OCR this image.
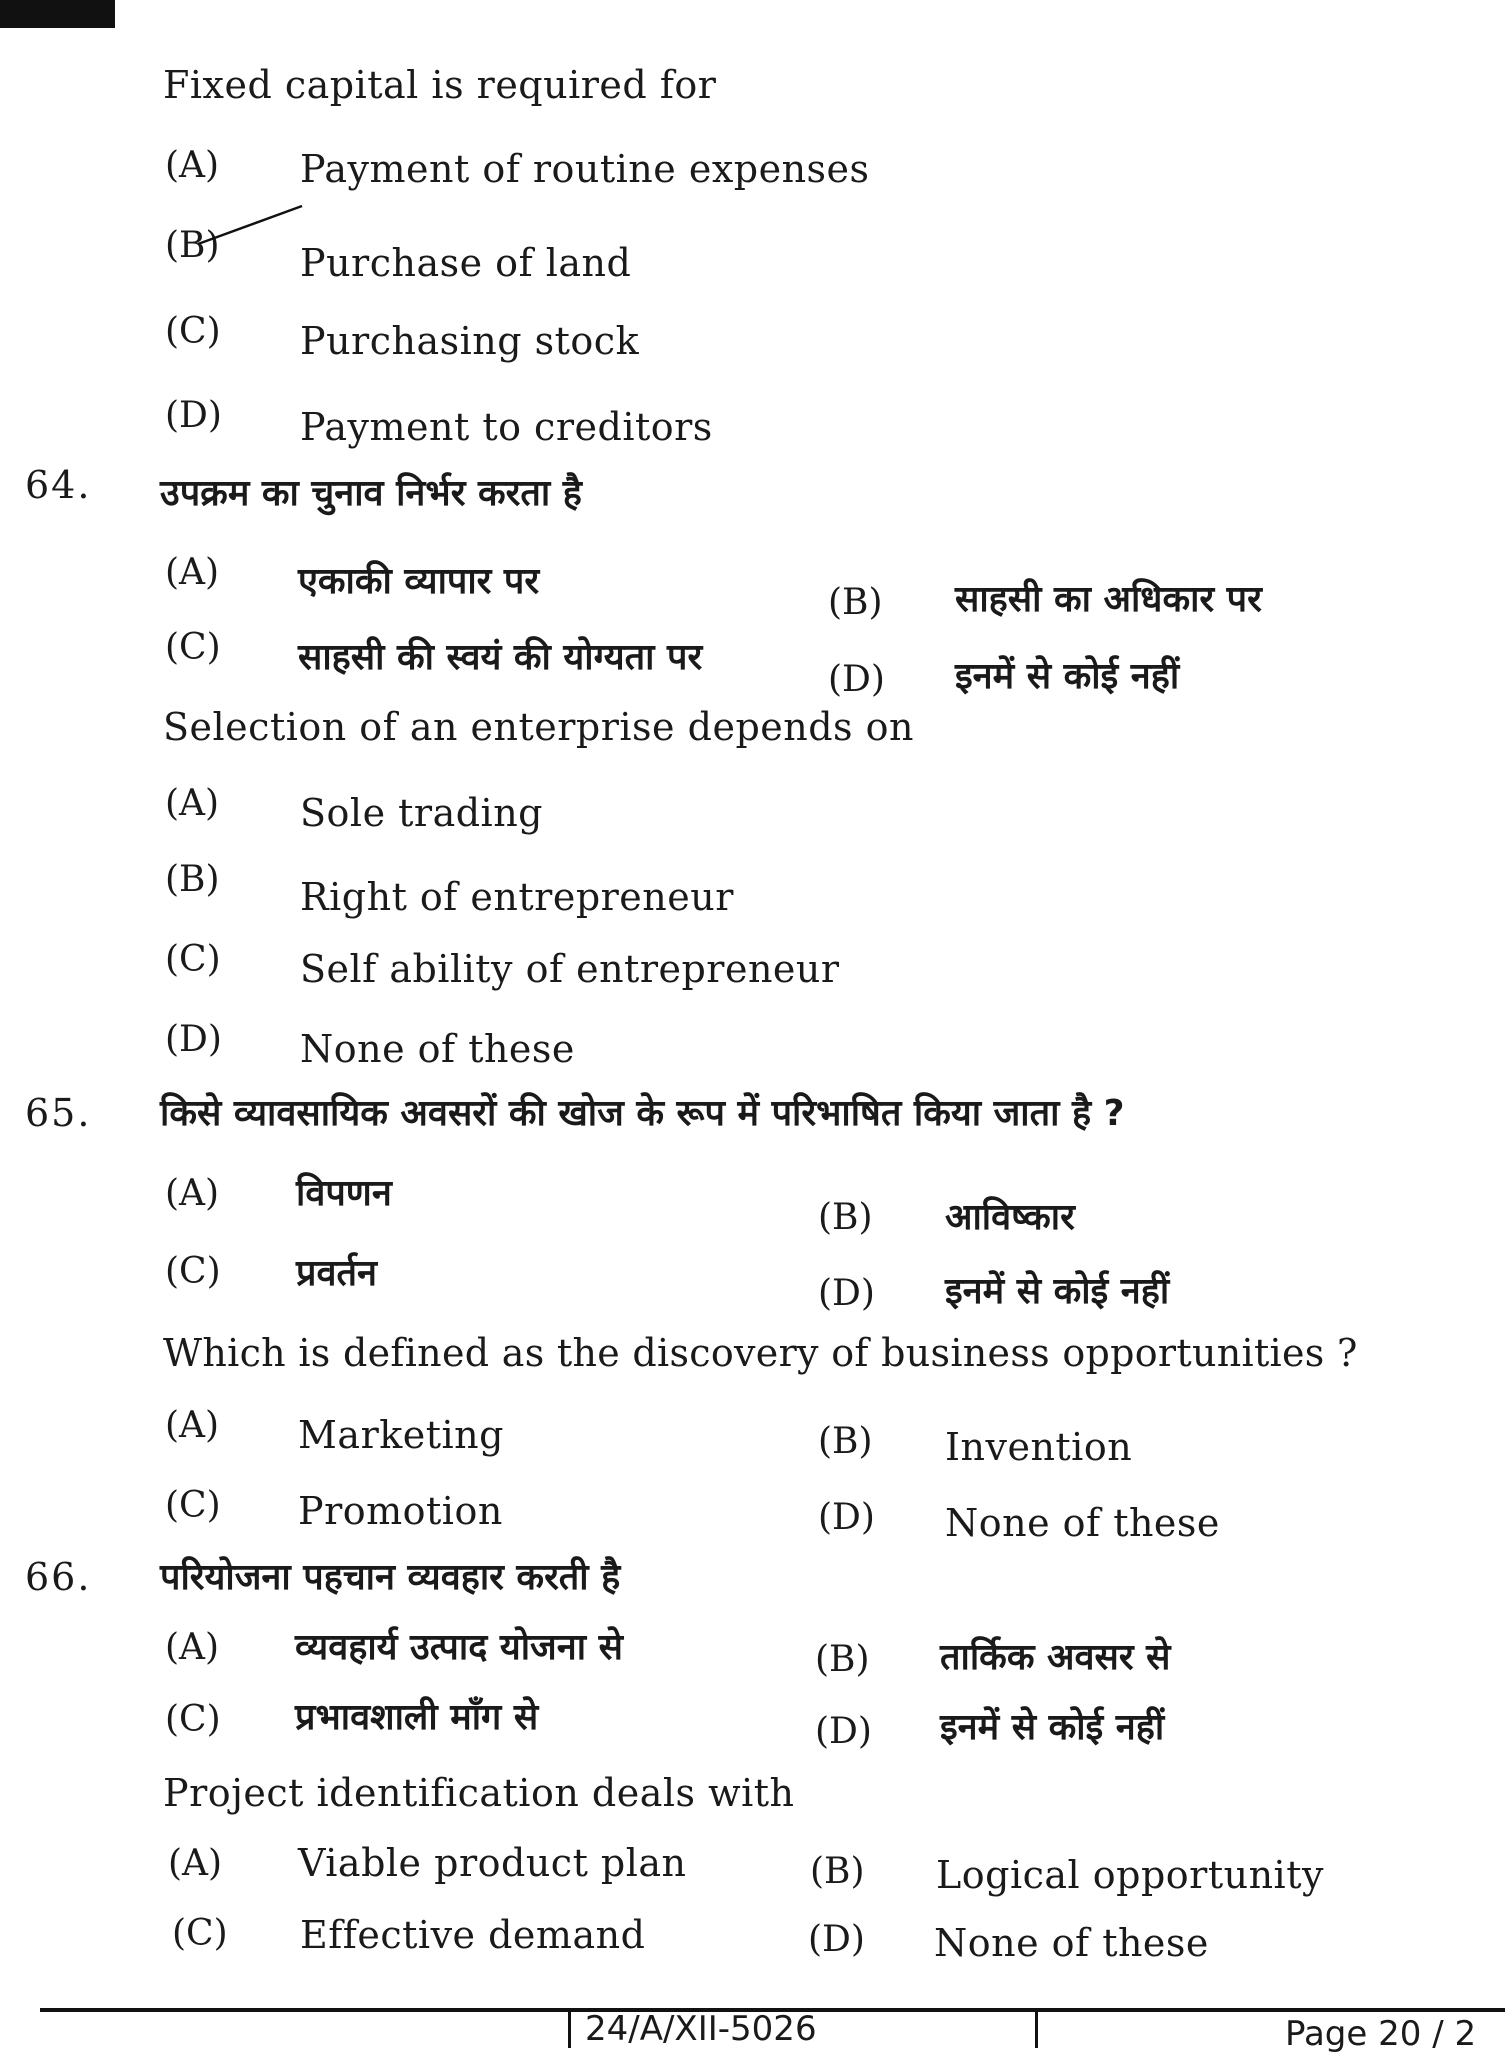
Fixed capital is required for
(A) Payment of routine expenses
(B) Purchase of land
(C) Purchasing stock
(D) Payment to creditors
64. उपक्रम का चुनाव निर्भर करता है
(A) एकाकी व्यापार पर
(B) साहसी का अधिकार पर
(C) साहसी की स्वयं की योग्यता पर
(D) इनमें से कोई नहीं
Selection of an enterprise depends on
(A) Sole trading
(B) Right of entrepreneur
(C) Self ability of entrepreneur
(D) None of these
65. किसे व्यावसायिक अवसरों की खोज के रूप में परिभाषित किया जाता है ?
(A) विपणन
(B) आविष्कार
(C) प्रवर्तन	(D) इनमें से कोई नहीं
Which is defined as the discovery of business opportunities ?
(A) Marketing	(B) Invention
(C) Promotion	(D) None of these
66. परियोजना पहचान व्यवहार करती है
(A) व्यवहार्य उत्पाद योजना से	(B) तार्किक अवसर से
(C) प्रभावशाली माँग से	(D) इनमें से कोई नहीं
Project identification deals with
(A) Viable product plan	(B) Logical opportunity
(C) Effective demand	(D) None of these
24/A/XII-5026	Page 20 / 2
